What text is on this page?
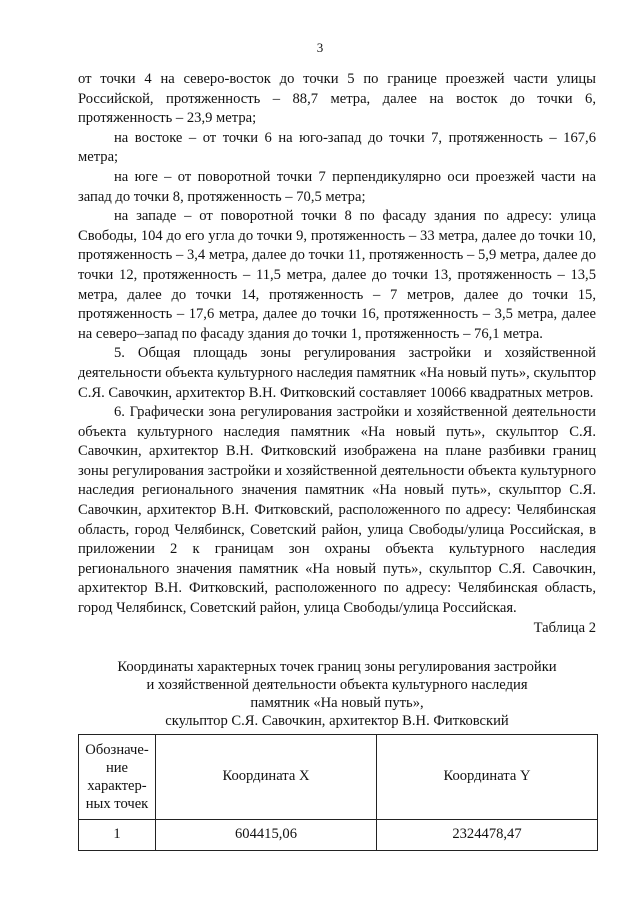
3

от точки 4 на северо-восток до точки 5 по границе проезжей части улицы Российской, протяженность – 88,7 метра, далее на восток до точки 6, протяженность – 23,9 метра;

на востоке – от точки 6 на юго-запад до точки 7, протяженность – 167,6 метра;

на юге – от поворотной точки 7 перпендикулярно оси проезжей части на запад до точки 8, протяженность – 70,5 метра;

на западе – от поворотной точки 8 по фасаду здания по адресу: улица Свободы, 104 до его угла до точки 9, протяженность – 33 метра, далее до точки 10, протяженность – 3,4 метра, далее до точки 11, протяженность – 5,9 метра, далее до точки 12, протяженность – 11,5 метра, далее до точки 13, протяженность – 13,5 метра, далее до точки 14, протяженность – 7 метров, далее до точки 15, протяженность – 17,6 метра, далее до точки 16, протяженность – 3,5 метра, далее на северо–запад по фасаду здания до точки 1, протяженность – 76,1 метра.

5. Общая площадь зоны регулирования застройки и хозяйственной деятельности объекта культурного наследия памятник «На новый путь», скульптор С.Я. Савочкин, архитектор В.Н. Фитковский составляет 10066 квадратных метров.

6. Графически зона регулирования застройки и хозяйственной деятельности объекта культурного наследия памятник «На новый путь», скульптор С.Я. Савочкин, архитектор В.Н. Фитковский изображена на плане разбивки границ зоны регулирования застройки и хозяйственной деятельности объекта культурного наследия регионального значения памятник «На новый путь», скульптор С.Я. Савочкин, архитектор В.Н. Фитковский, расположенного по адресу: Челябинская область, город Челябинск, Советский район, улица Свободы/улица Российская, в приложении 2 к границам зон охраны объекта культурного наследия регионального значения памятник «На новый путь», скульптор С.Я. Савочкин, архитектор В.Н. Фитковский, расположенного по адресу: Челябинская область, город Челябинск, Советский район, улица Свободы/улица Российская.

Таблица 2

Координаты характерных точек границ зоны регулирования застройки
и хозяйственной деятельности объекта культурного наследия
памятник «На новый путь»,
скульптор С.Я. Савочкин, архитектор В.Н. Фитковский
Обозначе-
ние
характер-
ных точек	Координата X	Координата Y
1	604415,06	2324478,47
